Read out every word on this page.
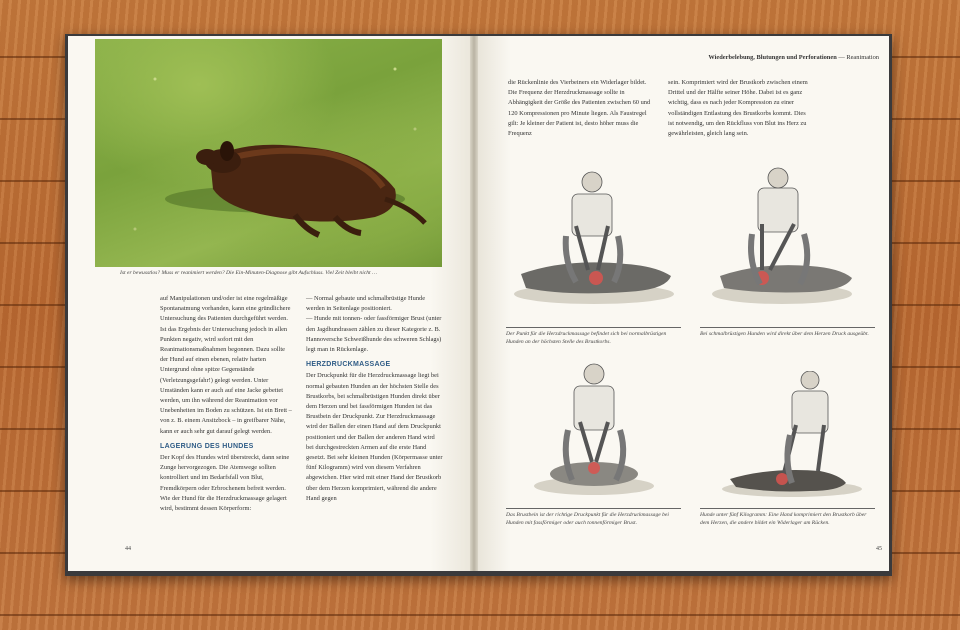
Ist er bewusstlos? Muss er reanimiert werden? Die Ein-Minuten-Diagnose gibt Aufschluss. Viel Zeit bleibt nicht …

auf Manipulationen und/oder ist eine regelmäßige Spontanatmung vorhanden, kann eine gründlichere Untersuchung des Patienten durchgeführt werden. Ist das Ergebnis der Untersuchung jedoch in allen Punkten negativ, wird sofort mit den Reanimationsmaßnahmen begonnen. Dazu sollte der Hund auf einen ebenen, relativ harten Untergrund ohne spitze Gegenstände (Verletzungsgefahr!) gelegt werden. Unter Umständen kann er auch auf eine Jacke gebettet werden, um ihn während der Reanimation vor Unebenheiten im Boden zu schützen. Ist ein Brett – von z. B. einem Ansitzbock – in greifbarer Nähe, kann er auch sehr gut darauf gelegt werden.

LAGERUNG DES HUNDES

Der Kopf des Hundes wird überstreckt, dann seine Zunge hervorgezogen. Die Atemwege sollten kontrolliert und im Bedarfsfall von Blut, Fremdkörpern oder Erbrochenem befreit werden. Wie der Hund für die Herzdruckmassage gelagert wird, bestimmt dessen Körperform:

— Normal gebaute und schmalbrüstige Hunde werden in Seitenlage positioniert.

— Hunde mit tonnen- oder fassförmiger Brust (unter den Jagdhundrassen zählen zu dieser Kategorie z. B. Hannoversche Schweißhunde des schweren Schlags) legt man in Rückenlage.

HERZDRUCKMASSAGE

Der Druckpunkt für die Herzdruckmassage liegt bei normal gebauten Hunden an der höchsten Stelle des Brustkorbs, bei schmalbrüstigen Hunden direkt über dem Herzen und bei fassförmigen Hunden ist das Brustbein der Druckpunkt. Zur Herzdruckmassage wird der Ballen der einen Hand auf dem Druckpunkt positioniert und der Ballen der anderen Hand wird bei durchgestreckten Armen auf die erste Hand gesetzt. Bei sehr kleinen Hunden (Körpermasse unter fünf Kilogramm) wird von diesem Verfahren abgewichen. Hier wird mit einer Hand der Brustkorb über dem Herzen komprimiert, während die andere Hand gegen

44
Wiederbelebung, Blutungen und Perforationen — Reanimation
die Rückenlinie des Vierbeiners ein Widerlager bildet. Die Frequenz der Herzdruckmassage sollte in Abhängigkeit der Größe des Patienten zwischen 60 und 120 Kompressionen pro Minute liegen. Als Faustregel gilt: Je kleiner der Patient ist, desto höher muss die Frequenz
sein. Komprimiert wird der Brustkorb zwischen einem Drittel und der Hälfte seiner Höhe. Dabei ist es ganz wichtig, dass es nach jeder Kompression zu einer vollständigen Entlastung des Brustkorbs kommt. Dies ist notwendig, um den Rückfluss von Blut ins Herz zu gewährleisten, gleich lang sein.
Der Punkt für die Herzdruckmassage befindet sich bei normalbrüstigen Hunden an der höchsten Stelle des Brustkorbs.
Bei schmalbrüstigen Hunden wird direkt über dem Herzen Druck ausgeübt.
Das Brustbein ist der richtige Druckpunkt für die Herzdruckmassage bei Hunden mit fassförmiger oder auch tonnenförmiger Brust.
Hunde unter fünf Kilogramm: Eine Hand komprimiert den Brustkorb über dem Herzen, die andere bildet ein Widerlager am Rücken.
45
